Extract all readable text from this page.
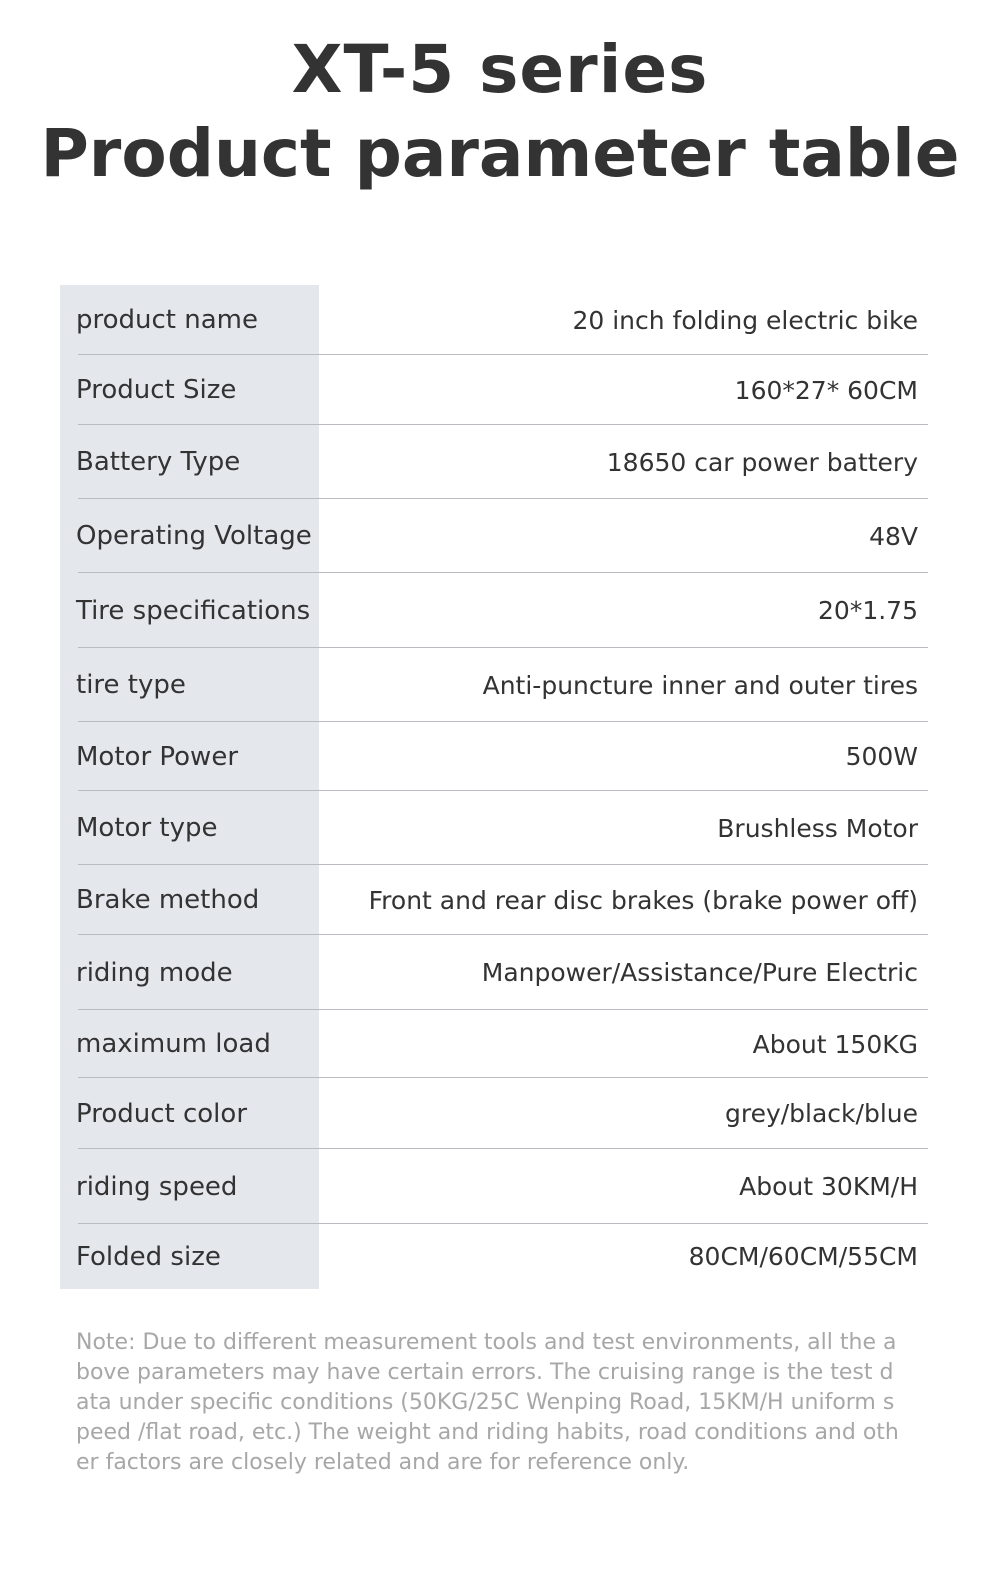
XT-5 series
Product parameter table
product name	20 inch folding electric bike
Product Size	160*27* 60CM
Battery Type	18650 car power battery
Operating Voltage	48V
Tire specifications	20*1.75
tire type	Anti-puncture inner and outer tires
Motor Power	500W
Motor type	Brushless Motor
Brake method	Front and rear disc brakes (brake power off)
riding mode	Manpower/Assistance/Pure Electric
maximum load	About 150KG
Product color	grey/black/blue
riding speed	About 30KM/H
Folded size	80CM/60CM/55CM

Note: Due to different measurement tools and test environments, all the above parameters may have certain errors. The cruising range is the test data under specific conditions (50KG/25C Wenping Road, 15KM/H uniform speed /flat road, etc.) The weight and riding habits, road conditions and other factors are closely related and are for reference only.
